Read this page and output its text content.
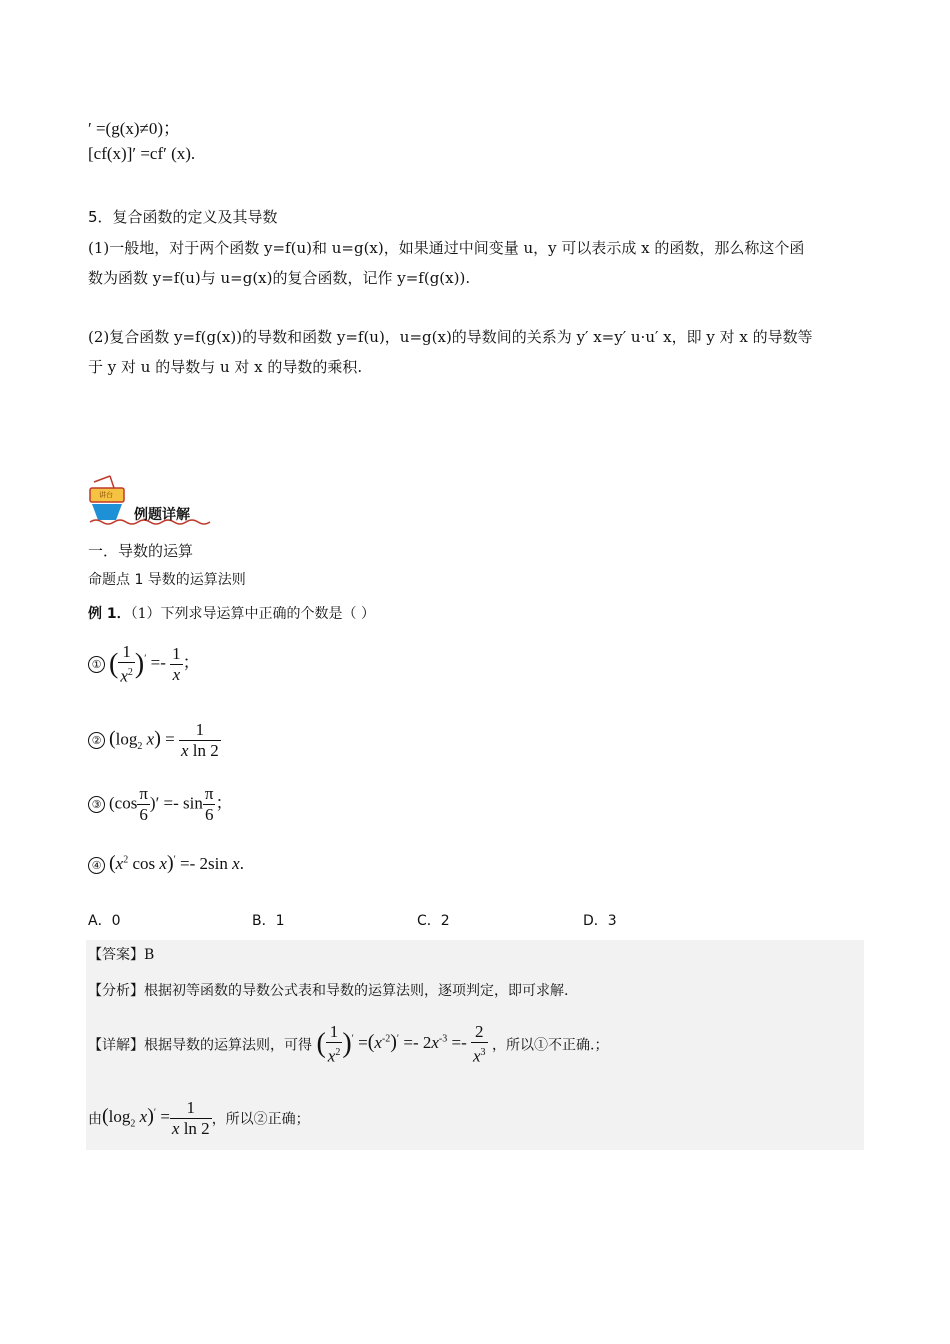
′ =(g(x)≠0)；
[cf(x)]′ =cf′ (x).
5．复合函数的定义及其导数
(1)一般地，对于两个函数 y=f(u)和 u=g(x)，如果通过中间变量 u，y 可以表示成 x 的函数，那么称这个函
数为函数 y=f(u)与 u=g(x)的复合函数，记作 y=f(g(x)).
(2)复合函数 y=f(g(x))的导数和函数 y=f(u)，u=g(x)的导数间的关系为 y′ x=y′ u·u′ x，即 y 对 x 的导数等
于 y 对 u 的导数与 u 对 x 的导数的乘积.
讲台
例题详解
一．导数的运算
命题点 1 导数的运算法则
例 1．（1）下列求导运算中正确的个数是（ ）
① ( $\frac{1}{x^2} )' =- \frac{1}{x}$ ；
② ($\log_2$ $x) = \frac{1}{\text{x ln 2}}$
③ ($\cos \frac{\pi}{6}$ )′ =- $\sin \frac{\pi}{6}$ ；
④ ($x^2$ cos x)′ =- 2sin x.
A．0	B．1	C．2	D．3
【答案】B
【分析】根据初等函数的导数公式表和导数的运算法则，逐项判定，即可求解.
【详解】根据导数的运算法则，可得 ( $\frac{1}{x^2} )' =(x^{-2})' =- 2x^{-3} =- \frac{2}{x^3}$ ，所以①不正确.；
由($\log_2$ $x)' = \frac{1}{\text{x ln 2}}$ ，所以②正确；
